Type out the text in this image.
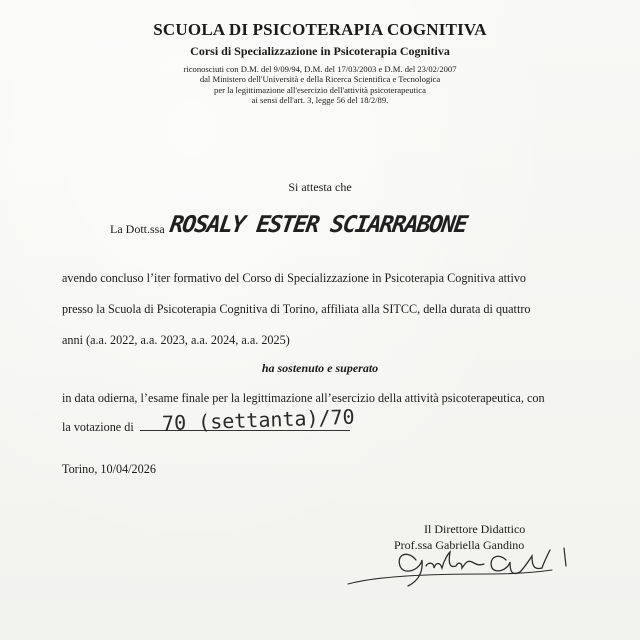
SCUOLA DI PSICOTERAPIA COGNITIVA
Corsi di Specializzazione in Psicoterapia Cognitiva
riconosciuti con D.M. del 9/09/94, D.M. del 17/03/2003 e D.M. del 23/02/2007
dal Ministero dell'Università e della Ricerca Scientifica e Tecnologica
per la legittimazione all'esercizio dell'attività psicoterapeutica
ai sensi dell'art. 3, legge 56 del 18/2/89.
Si attesta che
La Dott.ssa ROSALY ESTER SCIARRABONE
avendo concluso l’iter formativo del Corso di Specializzazione in Psicoterapia Cognitiva attivo
presso la Scuola di Psicoterapia Cognitiva di Torino, affiliata alla SITCC, della durata di quattro
anni (a.a. 2022, a.a. 2023, a.a. 2024, a.a. 2025)
ha sostenuto e superato
in data odierna, l’esame finale per la legittimazione all’esercizio della attività psicoterapeutica, con
la votazione di 70 (settanta)/70
Torino, 10/04/2026
Il Direttore Didattico
Prof.ssa Gabriella Gandino
